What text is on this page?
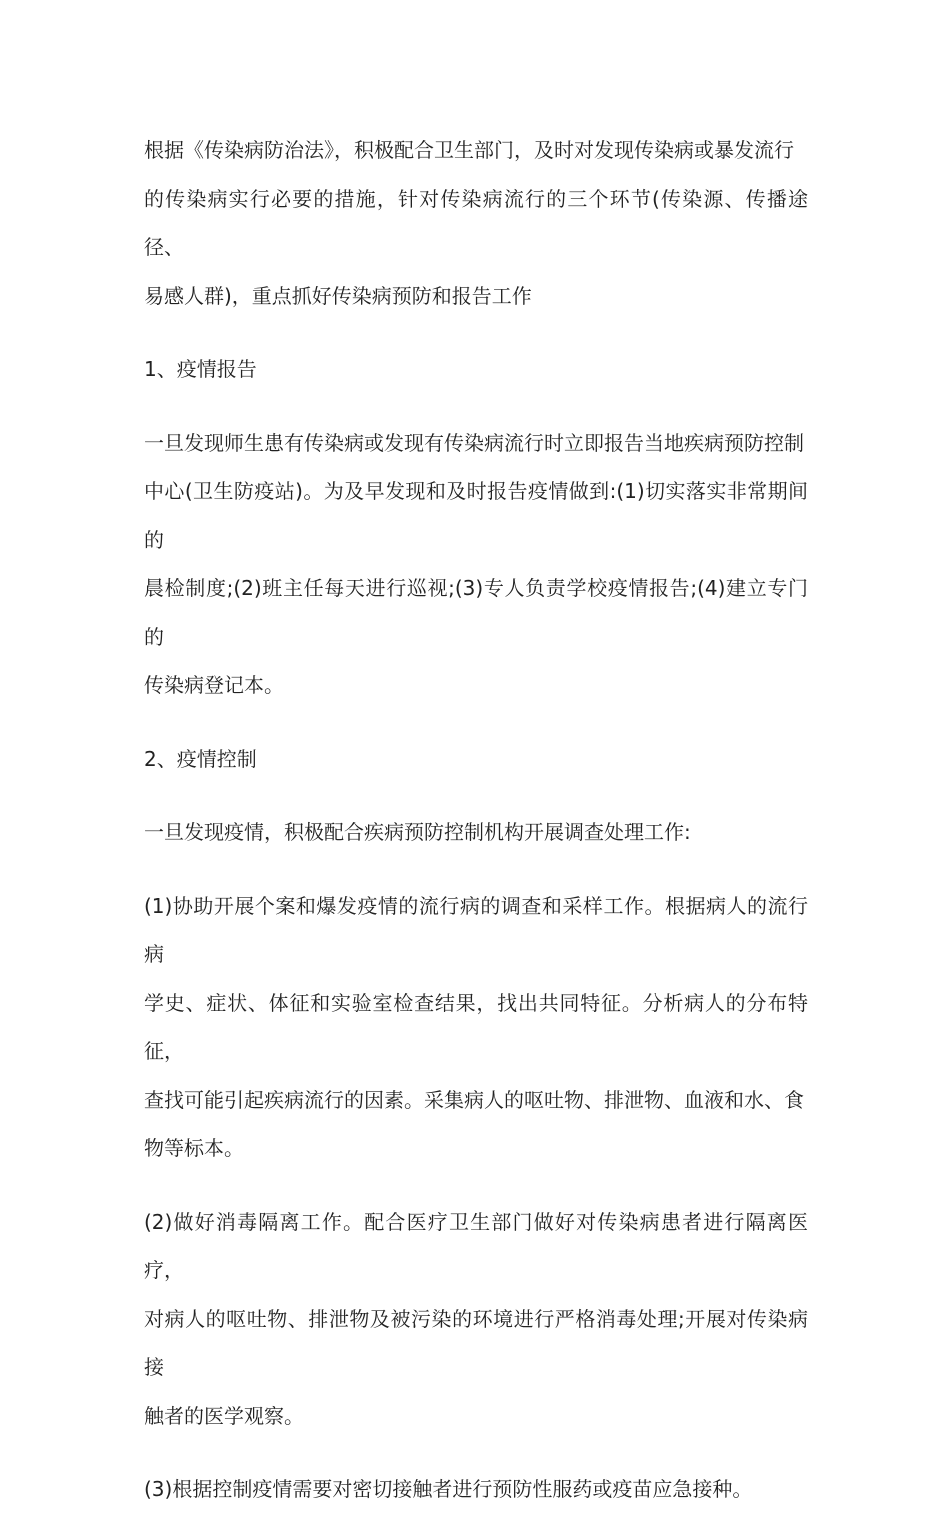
根据《传染病防治法》，积极配合卫生部门，及时对发现传染病或暴发流行
的传染病实行必要的措施，针对传染病流行的三个环节(传染源、传播途径、
易感人群)，重点抓好传染病预防和报告工作

1、疫情报告

一旦发现师生患有传染病或发现有传染病流行时立即报告当地疾病预防控制
中心(卫生防疫站)。为及早发现和及时报告疫情做到:(1)切实落实非常期间的
晨检制度;(2)班主任每天进行巡视;(3)专人负责学校疫情报告;(4)建立专门的
传染病登记本。

2、疫情控制

一旦发现疫情，积极配合疾病预防控制机构开展调查处理工作:

(1)协助开展个案和爆发疫情的流行病的调查和采样工作。根据病人的流行病
学史、症状、体征和实验室检查结果，找出共同特征。分析病人的分布特征，
查找可能引起疾病流行的因素。采集病人的呕吐物、排泄物、血液和水、食
物等标本。

(2)做好消毒隔离工作。配合医疗卫生部门做好对传染病患者进行隔离医疗，
对病人的呕吐物、排泄物及被污染的环境进行严格消毒处理;开展对传染病接
触者的医学观察。

(3)根据控制疫情需要对密切接触者进行预防性服药或疫苗应急接种。
